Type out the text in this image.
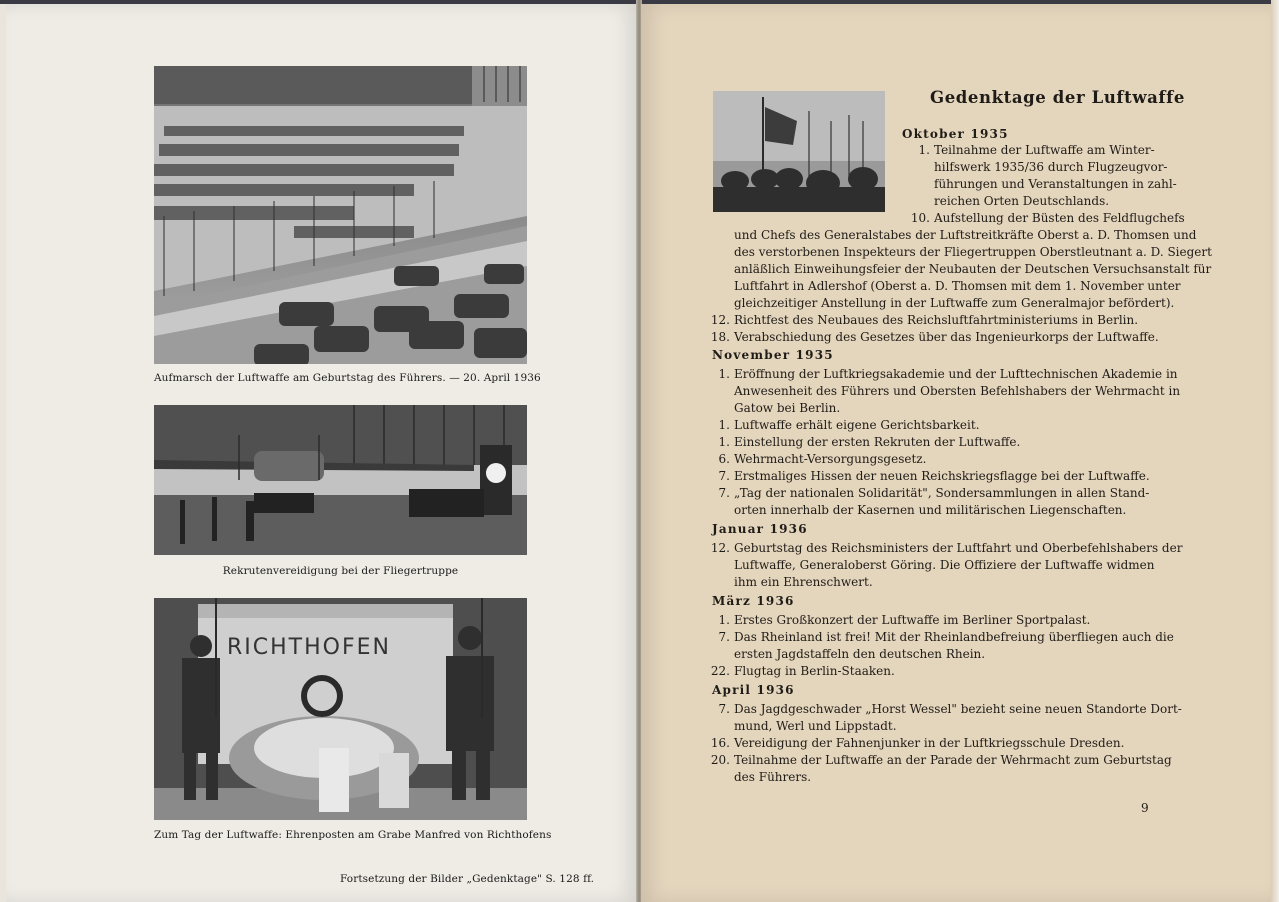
Aufmarsch der Luftwaffe am Geburtstag des Führers. — 20. April 1936
Rekrutenvereidigung bei der Fliegertruppe
RICHTHOFEN
Zum Tag der Luftwaffe: Ehrenposten am Grabe Manfred von Richthofens
Fortsetzung der Bilder „Gedenktage" S. 128 ff.
Gedenktage der Luftwaffe
Oktober 1935
November 1935
Januar 1936
März 1936
April 1936
1. Teilnahme der Luftwaffe am Winter-
hilfswerk 1935/36 durch Flugzeugvor-
führungen und Veranstaltungen in zahl-
reichen Orten Deutschlands.
10. Aufstellung der Büsten des Feldflugchefs
und Chefs des Generalstabes der Luftstreitkräfte Oberst a. D. Thomsen und
des verstorbenen Inspekteurs der Fliegertruppen Oberstleutnant a. D. Siegert
anläßlich Einweihungsfeier der Neubauten der Deutschen Versuchsanstalt für
Luftfahrt in Adlershof (Oberst a. D. Thomsen mit dem 1. November unter
gleichzeitiger Anstellung in der Luftwaffe zum Generalmajor befördert).
12. Richtfest des Neubaues des Reichsluftfahrtministeriums in Berlin.
18. Verabschiedung des Gesetzes über das Ingenieurkorps der Luftwaffe.
1. Eröffnung der Luftkriegsakademie und der Lufttechnischen Akademie in
Anwesenheit des Führers und Obersten Befehlshabers der Wehrmacht in
Gatow bei Berlin.
1. Luftwaffe erhält eigene Gerichtsbarkeit.
1. Einstellung der ersten Rekruten der Luftwaffe.
6. Wehrmacht-Versorgungsgesetz.
7. Erstmaliges Hissen der neuen Reichskriegsflagge bei der Luftwaffe.
7. „Tag der nationalen Solidarität", Sondersammlungen in allen Stand-
orten innerhalb der Kasernen und militärischen Liegenschaften.
12. Geburtstag des Reichsministers der Luftfahrt und Oberbefehlshabers der
Luftwaffe, Generaloberst Göring. Die Offiziere der Luftwaffe widmen
ihm ein Ehrenschwert.
1. Erstes Großkonzert der Luftwaffe im Berliner Sportpalast.
7. Das Rheinland ist frei! Mit der Rheinlandbefreiung überfliegen auch die
ersten Jagdstaffeln den deutschen Rhein.
22. Flugtag in Berlin-Staaken.
7. Das Jagdgeschwader „Horst Wessel" bezieht seine neuen Standorte Dort-
mund, Werl und Lippstadt.
16. Vereidigung der Fahnenjunker in der Luftkriegsschule Dresden.
20. Teilnahme der Luftwaffe an der Parade der Wehrmacht zum Geburtstag
des Führers.
9
